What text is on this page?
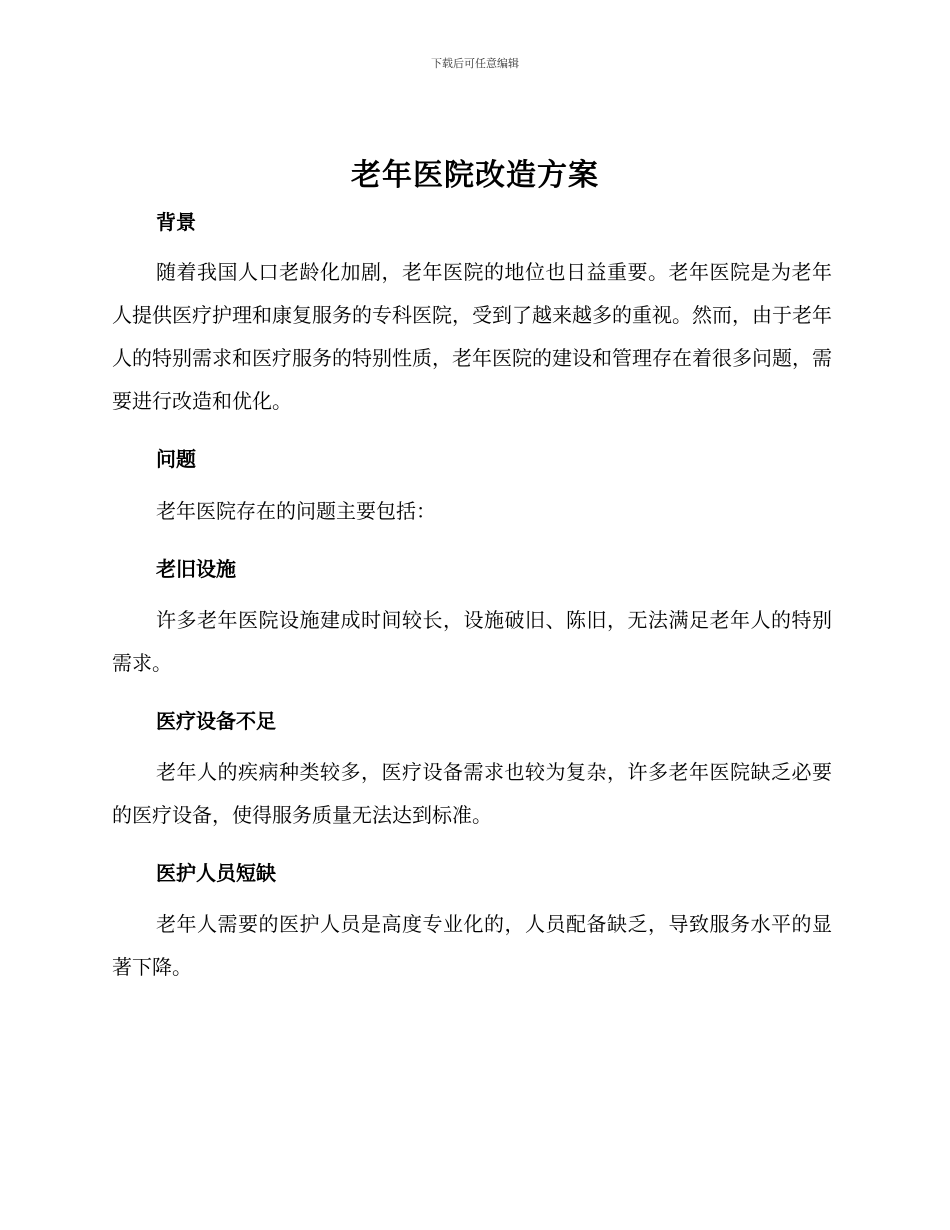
下载后可任意编辑
老年医院改造方案
背景

随着我国人口老龄化加剧，老年医院的地位也日益重要。老年医院是为老年人提供医疗护理和康复服务的专科医院，受到了越来越多的重视。然而，由于老年人的特别需求和医疗服务的特别性质，老年医院的建设和管理存在着很多问题，需要进行改造和优化。

问题

老年医院存在的问题主要包括：

老旧设施

许多老年医院设施建成时间较长，设施破旧、陈旧，无法满足老年人的特别需求。

医疗设备不足

老年人的疾病种类较多，医疗设备需求也较为复杂，许多老年医院缺乏必要的医疗设备，使得服务质量无法达到标准。

医护人员短缺

老年人需要的医护人员是高度专业化的，人员配备缺乏，导致服务水平的显著下降。
